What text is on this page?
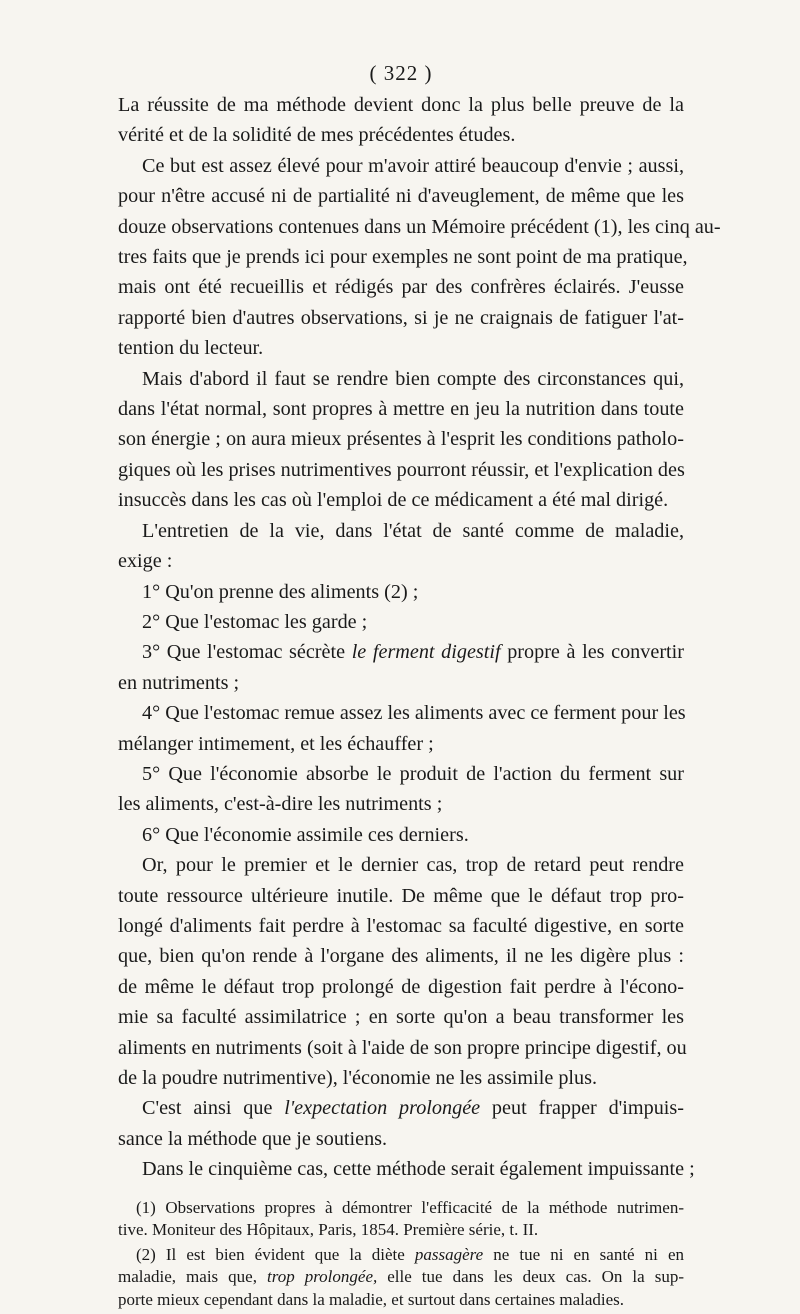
( 322 )

La réussite de ma méthode devient donc la plus belle preuve de la
vérité et de la solidité de mes précédentes études.

Ce but est assez élevé pour m'avoir attiré beaucoup d'envie ; aussi,
pour n'être accusé ni de partialité ni d'aveuglement, de même que les
douze observations contenues dans un Mémoire précédent (1), les cinq au-
tres faits que je prends ici pour exemples ne sont point de ma pratique,
mais ont été recueillis et rédigés par des confrères éclairés. J'eusse
rapporté bien d'autres observations, si je ne craignais de fatiguer l'at-
tention du lecteur.

Mais d'abord il faut se rendre bien compte des circonstances qui,
dans l'état normal, sont propres à mettre en jeu la nutrition dans toute
son énergie ; on aura mieux présentes à l'esprit les conditions patholo-
giques où les prises nutrimentives pourront réussir, et l'explication des
insuccès dans les cas où l'emploi de ce médicament a été mal dirigé.

L'entretien de la vie, dans l'état de santé comme de maladie,
exige :

1° Qu'on prenne des aliments (2) ;

2° Que l'estomac les garde ;

3° Que l'estomac sécrète le ferment digestif propre à les convertir
en nutriments ;

4° Que l'estomac remue assez les aliments avec ce ferment pour les
mélanger intimement, et les échauffer ;

5° Que l'économie absorbe le produit de l'action du ferment sur
les aliments, c'est-à-dire les nutriments ;

6° Que l'économie assimile ces derniers.

Or, pour le premier et le dernier cas, trop de retard peut rendre
toute ressource ultérieure inutile. De même que le défaut trop pro-
longé d'aliments fait perdre à l'estomac sa faculté digestive, en sorte
que, bien qu'on rende à l'organe des aliments, il ne les digère plus :
de même le défaut trop prolongé de digestion fait perdre à l'écono-
mie sa faculté assimilatrice ; en sorte qu'on a beau transformer les
aliments en nutriments (soit à l'aide de son propre principe digestif, ou
de la poudre nutrimentive), l'économie ne les assimile plus.

C'est ainsi que l'expectation prolongée peut frapper d'impuis-
sance la méthode que je soutiens.

Dans le cinquième cas, cette méthode serait également impuissante ;

(1) Observations propres à démontrer l'efficacité de la méthode nutrimen-
tive. Moniteur des Hôpitaux, Paris, 1854. Première série, t. II.

(2) Il est bien évident que la diète passagère ne tue ni en santé ni en
maladie, mais que, trop prolongée, elle tue dans les deux cas. On la sup-
porte mieux cependant dans la maladie, et surtout dans certaines maladies.
